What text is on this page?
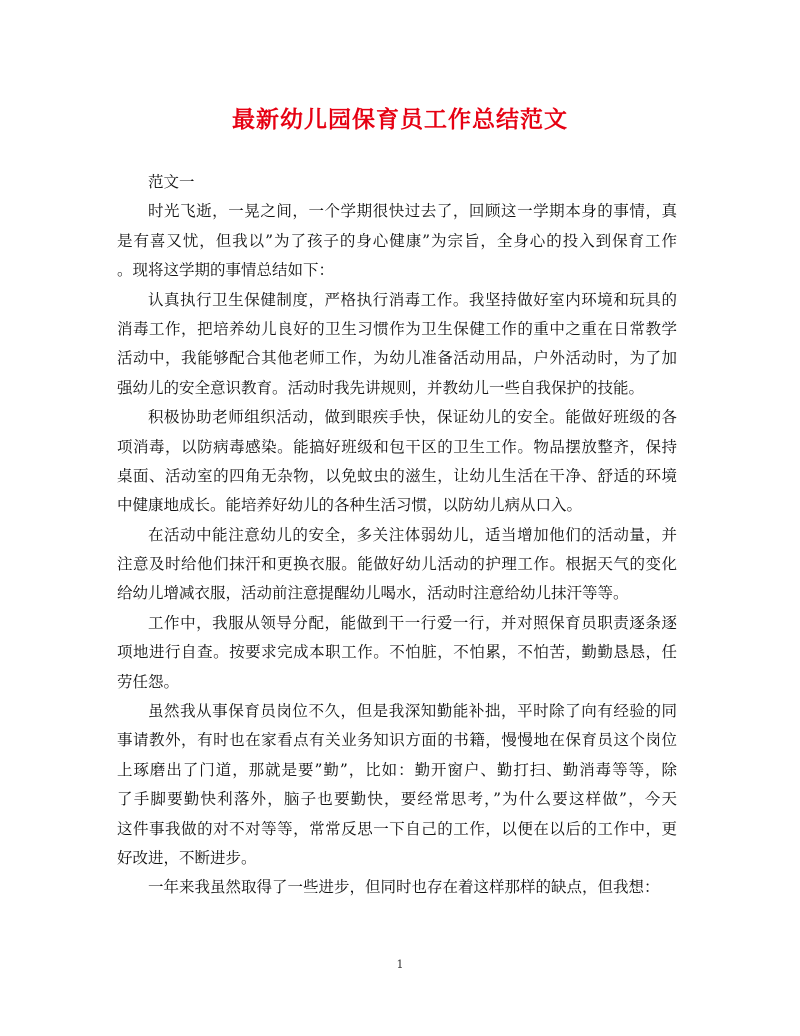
最新幼儿园保育员工作总结范文
范文一
时光飞逝，一晃之间，一个学期很快过去了，回顾这一学期本身的事情，真
是有喜又忧，但我以”为了孩子的身心健康”为宗旨，全身心的投入到保育工作
。现将这学期的事情总结如下：
认真执行卫生保健制度，严格执行消毒工作。我坚持做好室内环境和玩具的
消毒工作，把培养幼儿良好的卫生习惯作为卫生保健工作的重中之重在日常教学
活动中，我能够配合其他老师工作，为幼儿准备活动用品，户外活动时，为了加
强幼儿的安全意识教育。活动时我先讲规则，并教幼儿一些自我保护的技能。
积极协助老师组织活动，做到眼疾手快，保证幼儿的安全。能做好班级的各
项消毒，以防病毒感染。能搞好班级和包干区的卫生工作。物品摆放整齐，保持
桌面、活动室的四角无杂物，以免蚊虫的滋生，让幼儿生活在干净、舒适的环境
中健康地成长。能培养好幼儿的各种生活习惯，以防幼儿病从口入。
在活动中能注意幼儿的安全，多关注体弱幼儿，适当增加他们的活动量，并
注意及时给他们抹汗和更换衣服。能做好幼儿活动的护理工作。根据天气的变化
给幼儿增减衣服，活动前注意提醒幼儿喝水，活动时注意给幼儿抹汗等等。
工作中，我服从领导分配，能做到干一行爱一行，并对照保育员职责逐条逐
项地进行自查。按要求完成本职工作。不怕脏，不怕累，不怕苦，勤勤恳恳，任
劳任怨。
虽然我从事保育员岗位不久，但是我深知勤能补拙，平时除了向有经验的同
事请教外，有时也在家看点有关业务知识方面的书籍，慢慢地在保育员这个岗位
上琢磨出了门道，那就是要”勤”，比如：勤开窗户、勤打扫、勤消毒等等，除
了手脚要勤快利落外，脑子也要勤快，要经常思考，”为什么要这样做”，今天
这件事我做的对不对等等，常常反思一下自己的工作，以便在以后的工作中，更
好改进，不断进步。
一年来我虽然取得了一些进步，但同时也存在着这样那样的缺点，但我想：
1
